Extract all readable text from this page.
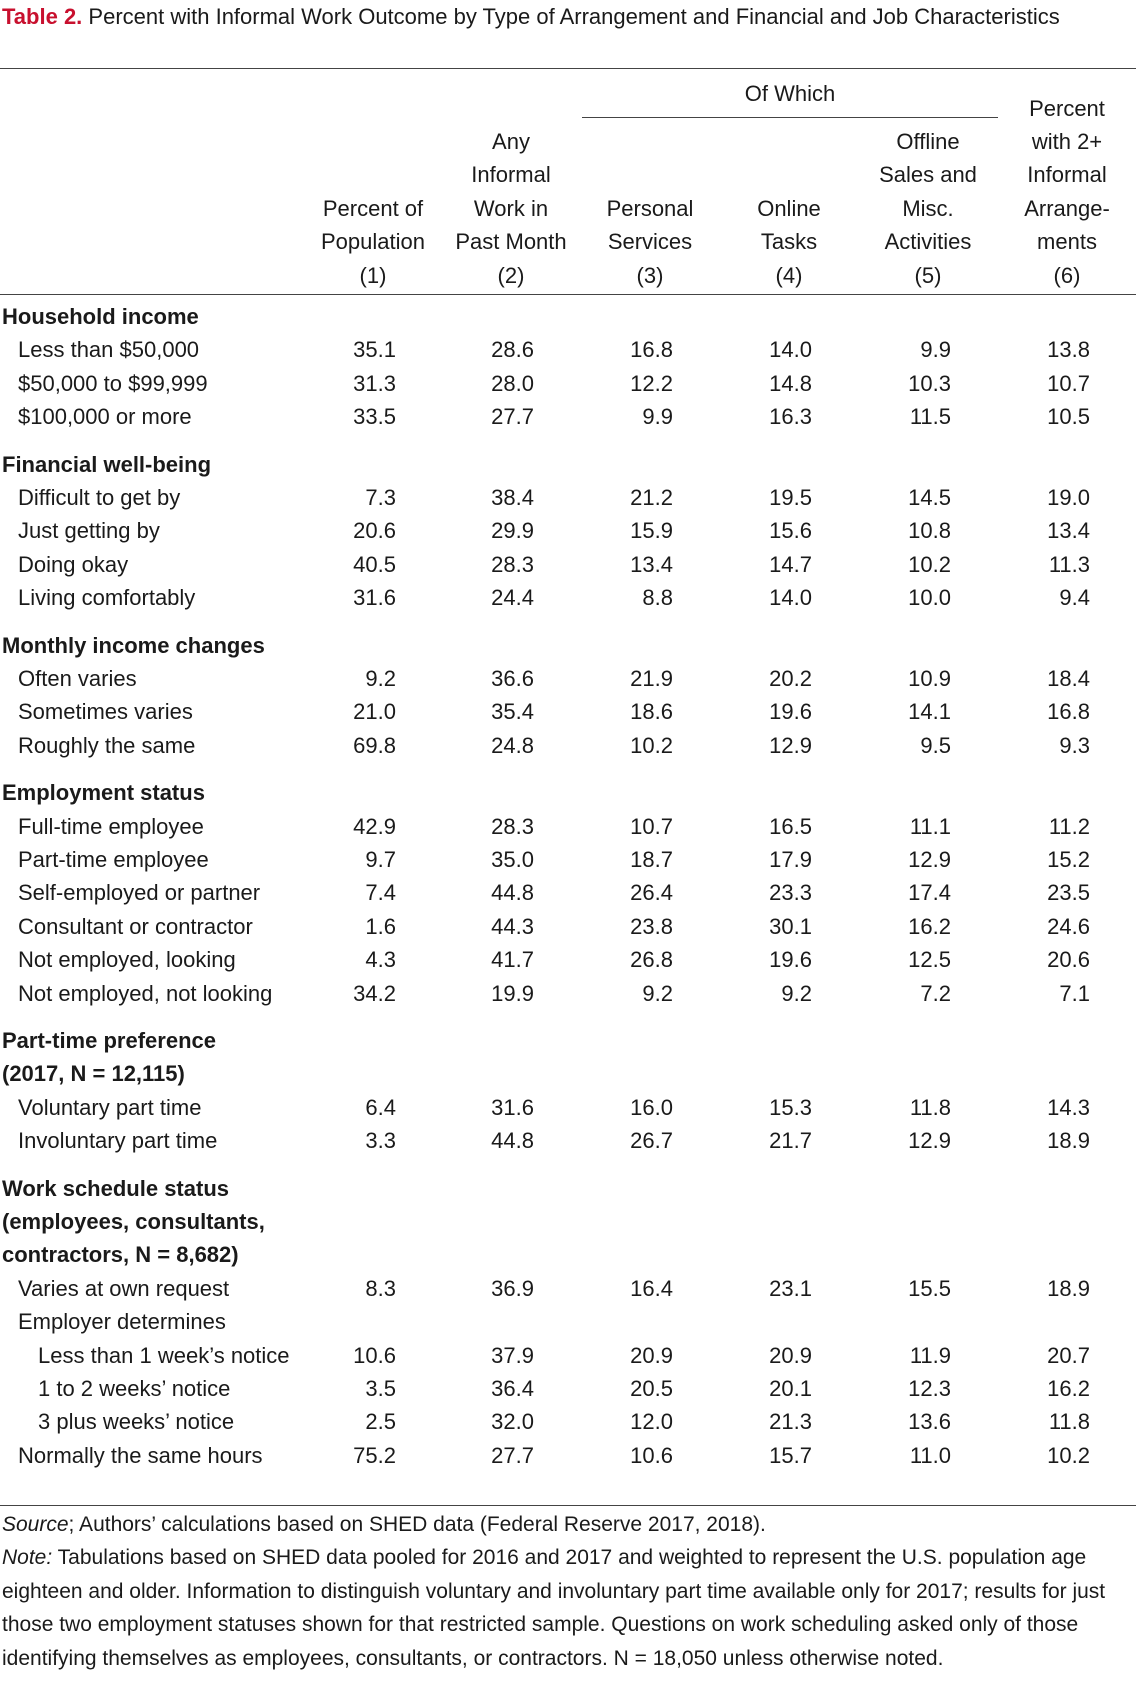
Table 2. Percent with Informal Work Outcome by Type of Arrangement and Financial and Job Characteristics
Of Which
Percent of
Population
(1)
Any
Informal
Work in
Past Month
(2)
Personal
Services
(3)
Online
Tasks
(4)
Offline
Sales and
Misc.
Activities
(5)
Percent
with 2+
Informal
Arrange-
ments
(6)
Household income
Less than $50,000	35.1	28.6	16.8	14.0	9.9	13.8
$50,000 to $99,999	31.3	28.0	12.2	14.8	10.3	10.7
$100,000 or more	33.5	27.7	9.9	16.3	11.5	10.5
Financial well-being
Difficult to get by	7.3	38.4	21.2	19.5	14.5	19.0
Just getting by	20.6	29.9	15.9	15.6	10.8	13.4
Doing okay	40.5	28.3	13.4	14.7	10.2	11.3
Living comfortably	31.6	24.4	8.8	14.0	10.0	9.4
Monthly income changes
Often varies	9.2	36.6	21.9	20.2	10.9	18.4
Sometimes varies	21.0	35.4	18.6	19.6	14.1	16.8
Roughly the same	69.8	24.8	10.2	12.9	9.5	9.3
Employment status
Full-time employee	42.9	28.3	10.7	16.5	11.1	11.2
Part-time employee	9.7	35.0	18.7	17.9	12.9	15.2
Self-employed or partner	7.4	44.8	26.4	23.3	17.4	23.5
Consultant or contractor	1.6	44.3	23.8	30.1	16.2	24.6
Not employed, looking	4.3	41.7	26.8	19.6	12.5	20.6
Not employed, not looking	34.2	19.9	9.2	9.2	7.2	7.1
Part-time preference
(2017, N = 12,115)
Voluntary part time	6.4	31.6	16.0	15.3	11.8	14.3
Involuntary part time	3.3	44.8	26.7	21.7	12.9	18.9
Work schedule status
(employees, consultants,
contractors, N = 8,682)
Varies at own request	8.3	36.9	16.4	23.1	15.5	18.9
Employer determines
Less than 1 week’s notice	10.6	37.9	20.9	20.9	11.9	20.7
1 to 2 weeks’ notice	3.5	36.4	20.5	20.1	12.3	16.2
3 plus weeks’ notice	2.5	32.0	12.0	21.3	13.6	11.8
Normally the same hours	75.2	27.7	10.6	15.7	11.0	10.2

Source; Authors’ calculations based on SHED data (Federal Reserve 2017, 2018).

Note: Tabulations based on SHED data pooled for 2016 and 2017 and weighted to represent the U.S. population age eighteen and older. Information to distinguish voluntary and involuntary part time available only for 2017; results for just those two employment statuses shown for that restricted sample. Questions on work scheduling asked only of those identifying themselves as employees, consultants, or contractors. N = 18,050 unless otherwise noted.
